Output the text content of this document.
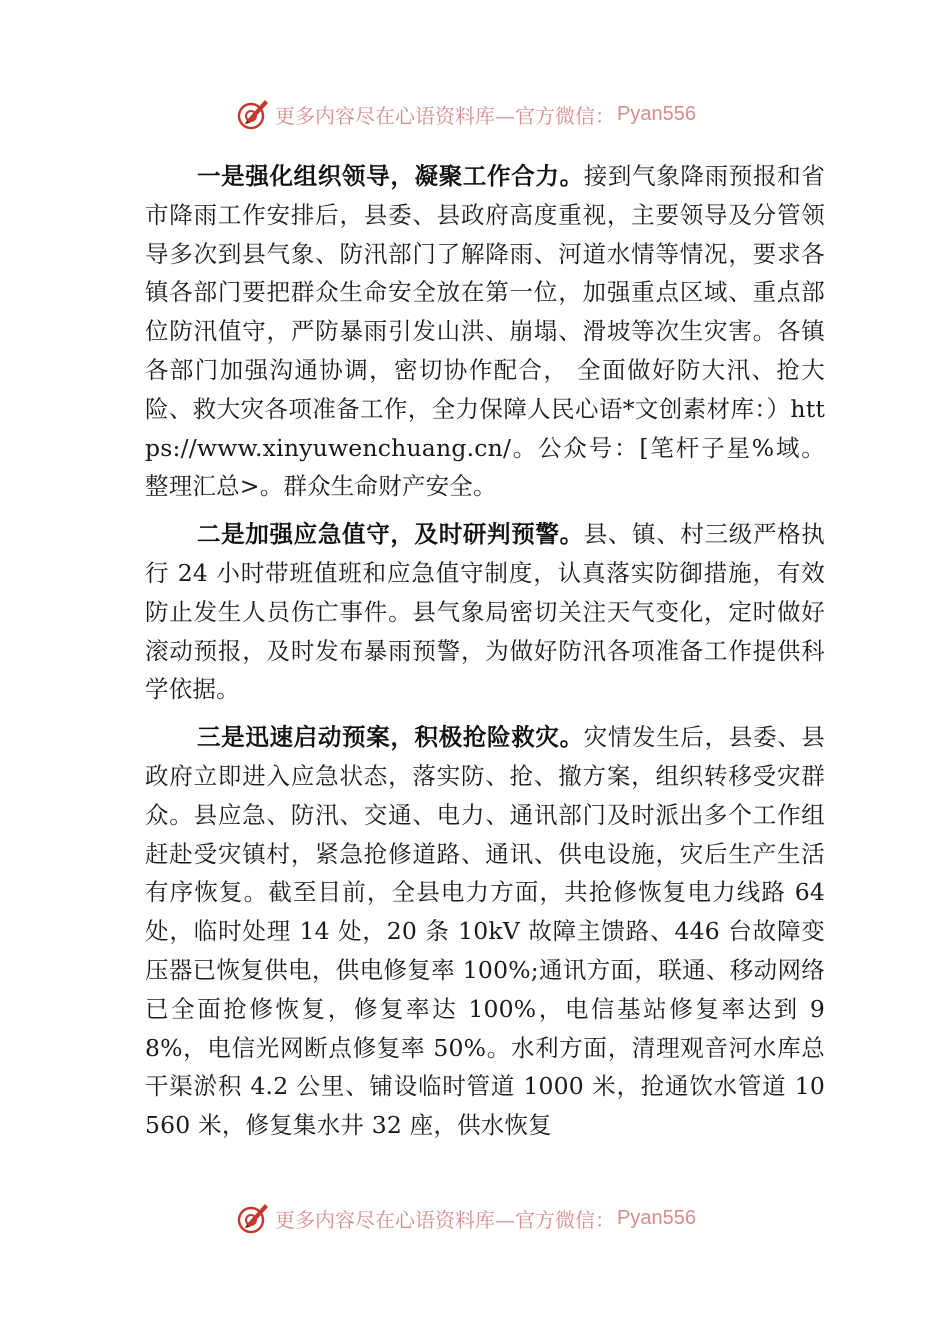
更多内容尽在心语资料库—官方微信： Pyan556

一是强化组织领导，凝聚工作合力。接到气象降雨预报和省市降雨工作安排后，县委、县政府高度重视，主要领导及分管领导多次到县气象、防汛部门了解降雨、河道水情等情况，要求各镇各部门要把群众生命安全放在第一位，加强重点区域、重点部位防汛值守，严防暴雨引发山洪、崩塌、滑坡等次生灾害。各镇各部门加强沟通协调，密切协作配合， 全面做好防大汛、抢大险、救大灾各项准备工作，全力保障人民心语*文创素材库：）https://www.xinyuwenchuang.cn/。公众号：[笔杆子星%域。整理汇总>。群众生命财产安全。

二是加强应急值守，及时研判预警。县、镇、村三级严格执行 24 小时带班值班和应急值守制度，认真落实防御措施，有效防止发生人员伤亡事件。县气象局密切关注天气变化，定时做好滚动预报，及时发布暴雨预警，为做好防汛各项准备工作提供科学依据。

三是迅速启动预案，积极抢险救灾。灾情发生后，县委、县政府立即进入应急状态，落实防、抢、撤方案，组织转移受灾群众。县应急、防汛、交通、电力、通讯部门及时派出多个工作组赶赴受灾镇村，紧急抢修道路、通讯、供电设施，灾后生产生活有序恢复。截至目前，全县电力方面，共抢修恢复电力线路 64 处，临时处理 14 处，20 条 10kV 故障主馈路、446 台故障变压器已恢复供电，供电修复率 100%;通讯方面，联通、移动网络已全面抢修恢复，修复率达 100%，电信基站修复率达到 98%，电信光网断点修复率 50%。水利方面，清理观音河水库总干渠淤积 4.2 公里、铺设临时管道 1000 米，抢通饮水管道 10560 米，修复集水井 32 座，供水恢复

更多内容尽在心语资料库—官方微信： Pyan556
